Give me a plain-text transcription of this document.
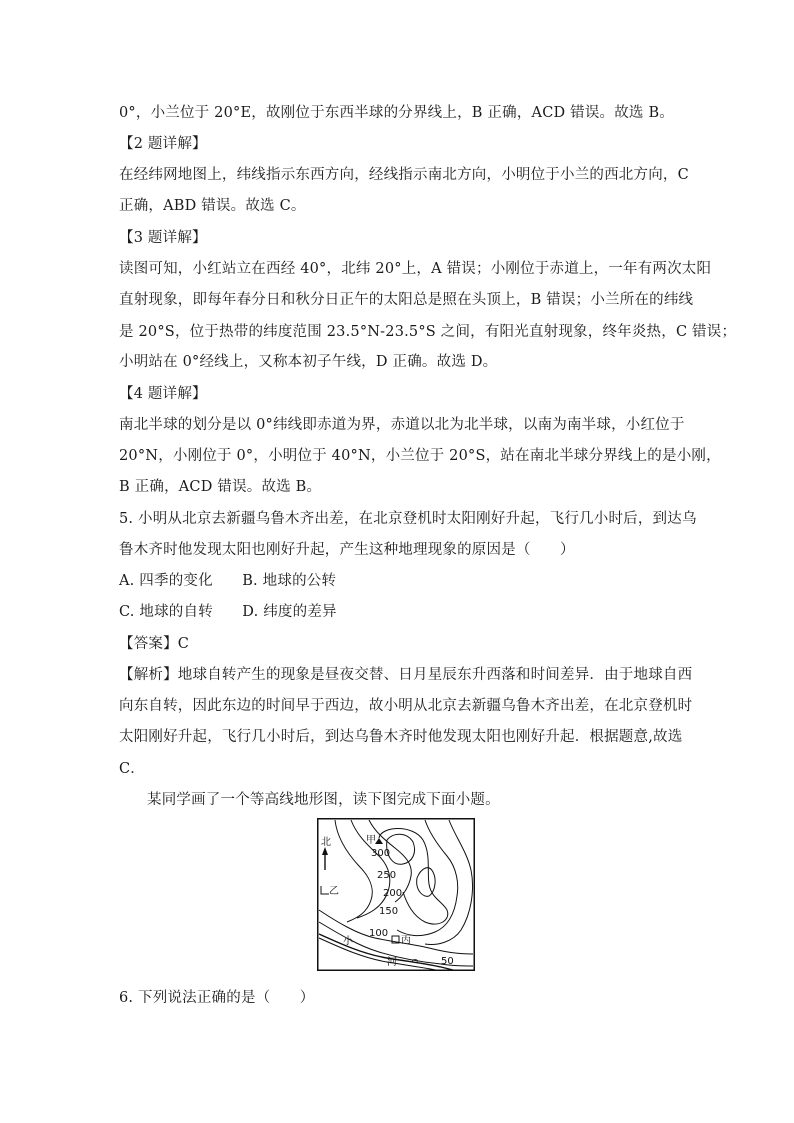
0°，小兰位于 20°E，故刚位于东西半球的分界线上，B 正确，ACD 错误。故选 B。
【2 题详解】
在经纬网地图上，纬线指示东西方向，经线指示南北方向，小明位于小兰的西北方向，C
正确，ABD 错误。故选 C。
【3 题详解】
读图可知，小红站立在西经 40°，北纬 20°上，A 错误；小刚位于赤道上，一年有两次太阳
直射现象，即每年春分日和秋分日正午的太阳总是照在头顶上，B 错误；小兰所在的纬线
是 20°S，位于热带的纬度范围 23.5°N-23.5°S 之间，有阳光直射现象，终年炎热，C 错误；
小明站在 0°经线上，又称本初子午线，D 正确。故选 D。
【4 题详解】
南北半球的划分是以 0°纬线即赤道为界，赤道以北为北半球，以南为南半球，小红位于
20°N，小刚位于 0°，小明位于 40°N，小兰位于 20°S，站在南北半球分界线上的是小刚，
B 正确，ACD 错误。故选 B。
5. 小明从北京去新疆乌鲁木齐出差，在北京登机时太阳刚好升起，飞行几小时后，到达乌
鲁木齐时他发现太阳也刚好升起，产生这种地理现象的原因是（　　）
A. 四季的变化　　B. 地球的公转
C. 地球的自转　　D. 纬度的差异
【答案】C
【解析】地球自转产生的现象是昼夜交替、日月星辰东升西落和时间差异．由于地球自西
向东自转，因此东边的时间早于西边，故小明从北京去新疆乌鲁木齐出差，在北京登机时
太阳刚好升起，飞行几小时后，到达乌鲁木齐时他发现太阳也刚好升起．根据题意,故选
C．
某同学画了一个等高线地形图，读下图完成下面小题。
北	甲
乙
丙
小
河
300
250
200
150
100
50
6. 下列说法正确的是（　　）
